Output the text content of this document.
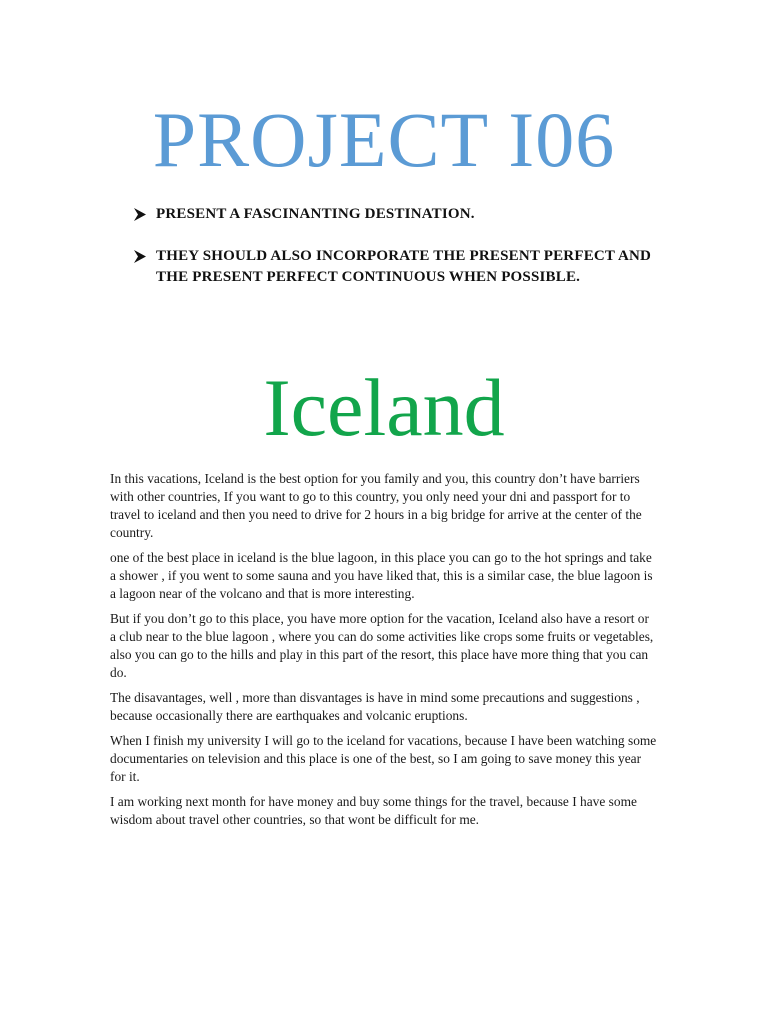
PROJECT I06
PRESENT A FASCINANTING DESTINATION.
THEY SHOULD ALSO INCORPORATE THE PRESENT PERFECT AND THE PRESENT PERFECT CONTINUOUS WHEN POSSIBLE.
Iceland

In this vacations, Iceland is the best option for you family and you, this country don’t have barriers with other countries, If you want to go to this country, you only need your dni and passport for to travel to iceland and then you need to drive for 2 hours in a big bridge for arrive at the center of the country.

one of the best place in iceland is the blue lagoon, in this place you can go to the hot springs and take a shower , if you went to some sauna and you have liked that, this is a similar case, the blue lagoon is a lagoon near of the volcano and that is more interesting.

But if you don’t go to this place, you have more option for the vacation, Iceland also have a resort or a club near to the blue lagoon , where you can do some activities like crops some fruits or vegetables, also you can go to the hills and play in this part of the resort, this place have more thing that you can do.

The disavantages, well , more than disvantages is have in mind some precautions and suggestions , because occasionally there are earthquakes and volcanic eruptions.

When I finish my university I will go to the iceland for vacations, because I have been watching some documentaries on television and this place is one of the best, so I am going to save money this year for it.

I am working next month for have money and buy some things for the travel, because I have some wisdom about travel other countries, so that wont be difficult for me.
